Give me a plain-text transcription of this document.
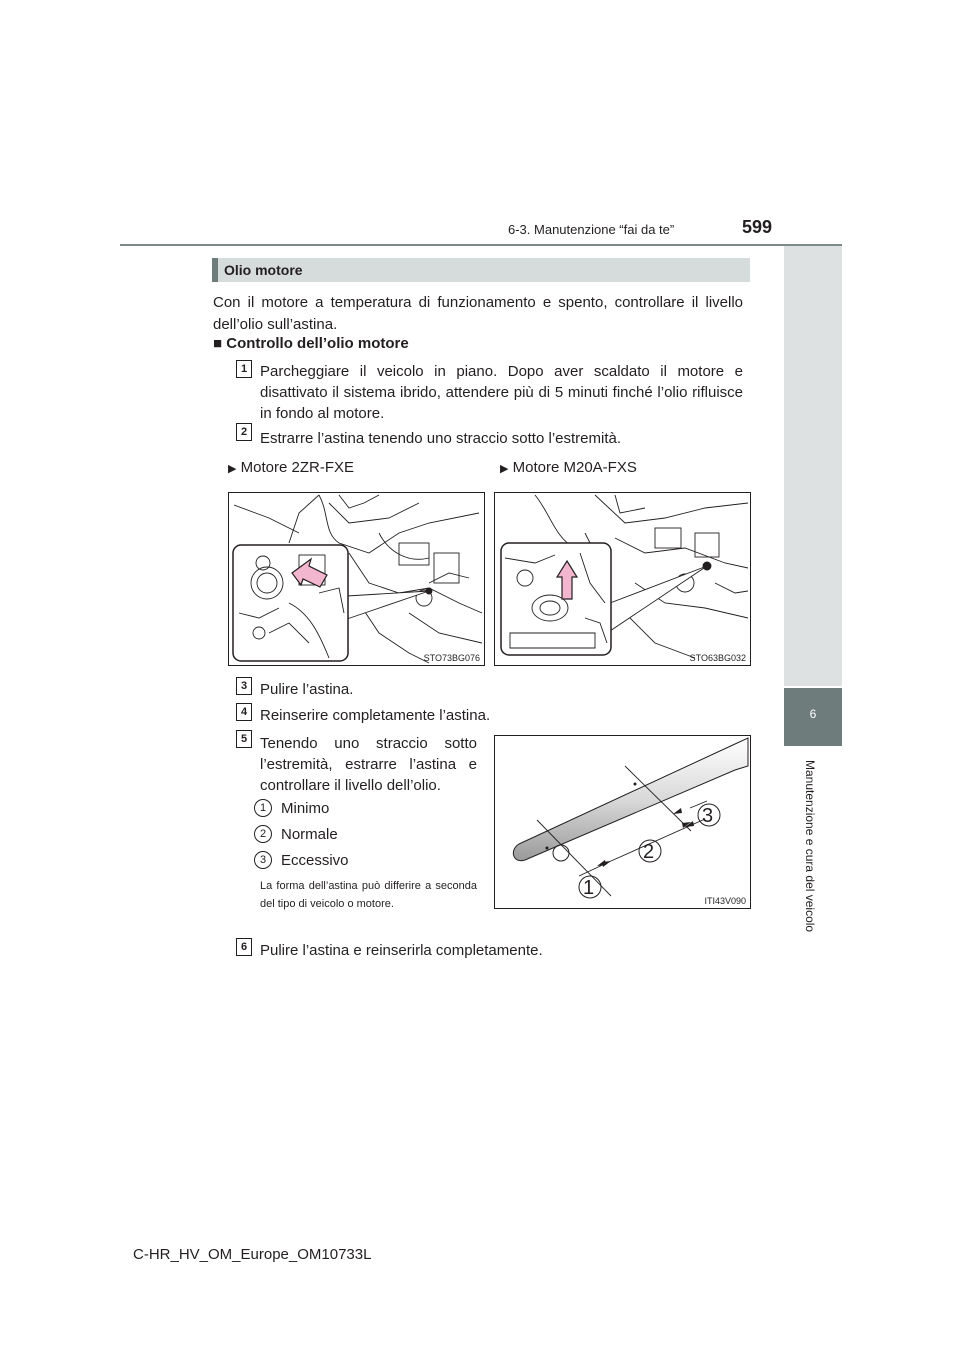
6-3. Manutenzione “fai da te”	599
6
Manutenzione e cura del veicolo
Olio motore
Con il motore a temperatura di funzionamento e spento, controllare il livello dell’olio sull’astina.
■ Controllo dell’olio motore
1 Parcheggiare il veicolo in piano. Dopo aver scaldato il motore e disattivato il sistema ibrido, attendere più di 5 minuti finché l’olio rifluisce in fondo al motore.
2 Estrarre l’astina tenendo uno straccio sotto l’estremità.
▶ Motore 2ZR-FXE	▶ Motore M20A-FXS
STO73BG076	STO63BG032
3 Pulire l’astina.
4 Reinserire completamente l’astina.
5 Tenendo uno straccio sotto l’estremità, estrarre l’astina e controllare il livello dell’olio.
1 Minimo
2 Normale
3 Eccessivo
La forma dell’astina può differire a seconda del tipo di veicolo o motore.
1
2
3
ITI43V090
6 Pulire l’astina e reinserirla completamente.
C-HR_HV_OM_Europe_OM10733L
